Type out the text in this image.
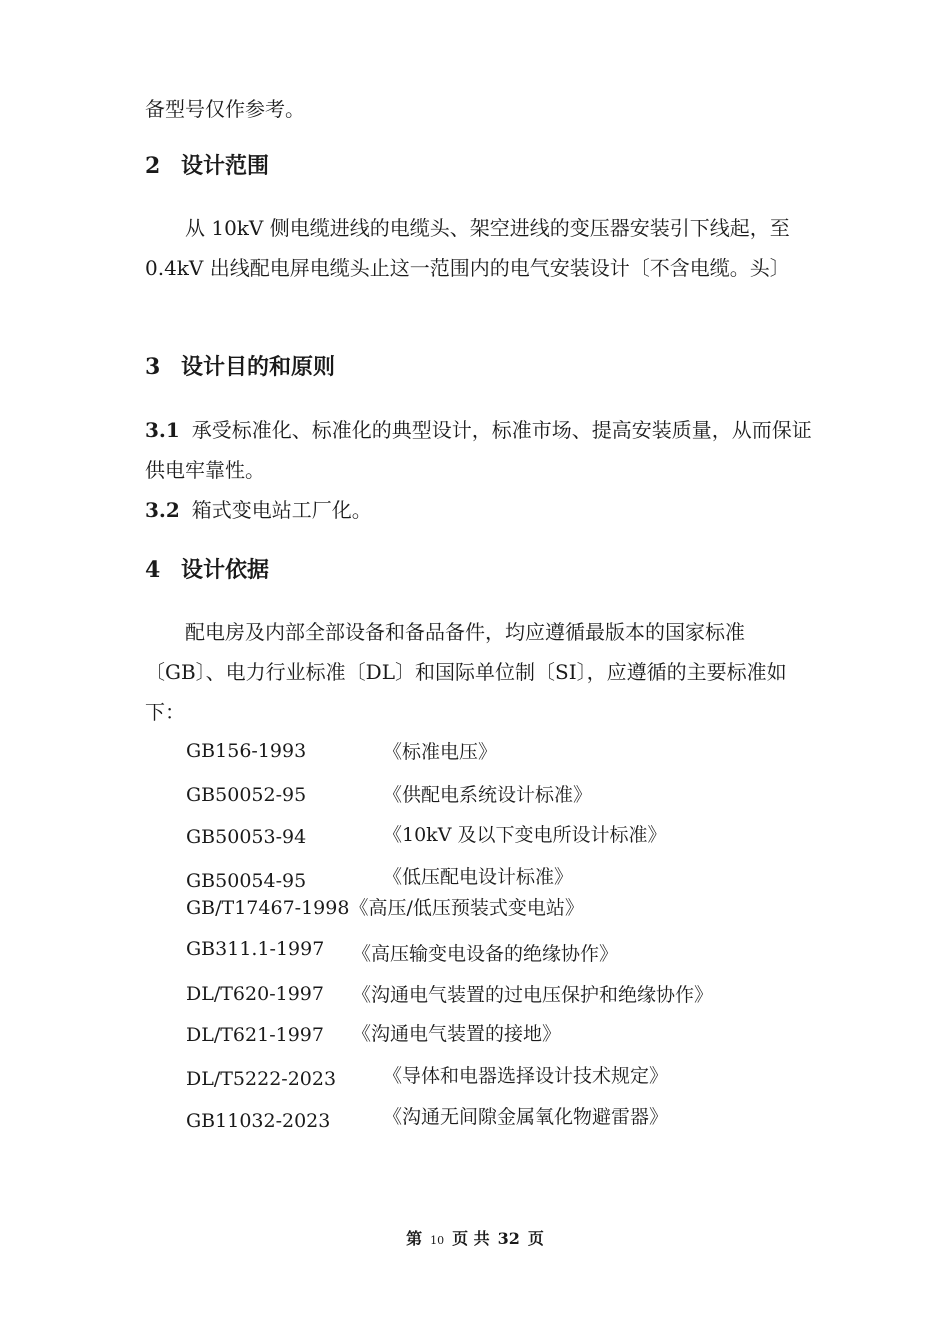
备型号仅作参考。

2 设计范围

从 10kV 侧电缆进线的电缆头、架空进线的变压器安装引下线起，至 0.4kV 出线配电屏电缆头止这一范围内的电气安装设计〔不含电缆。头〕

3 设计目的和原则

3.1 承受标准化、标准化的典型设计，标准市场、提高安装质量，从而保证供电牢靠性。

3.2 箱式变电站工厂化。

4 设计依据

配电房及内部全部设备和备品备件，均应遵循最版本的国家标准〔GB〕、电力行业标准〔DL〕和国际单位制〔SI〕，应遵循的主要标准如下：

GB156-1993	《标准电压》
GB50052-95	《供配电系统设计标准》
GB50053-94	《10kV 及以下变电所设计标准》
GB50054-95	《低压配电设计标准》
GB/T17467-1998《高压/低压预装式变电站》
GB311.1-1997 《高压输变电设备的绝缘协作》
DL/T620-1997 《沟通电气装置的过电压保护和绝缘协作》
DL/T621-1997 《沟通电气装置的接地》
DL/T5222-2023 《导体和电器选择设计技术规定》
GB11032-2023	《沟通无间隙金属氧化物避雷器》
第 10 页 共 32 页
